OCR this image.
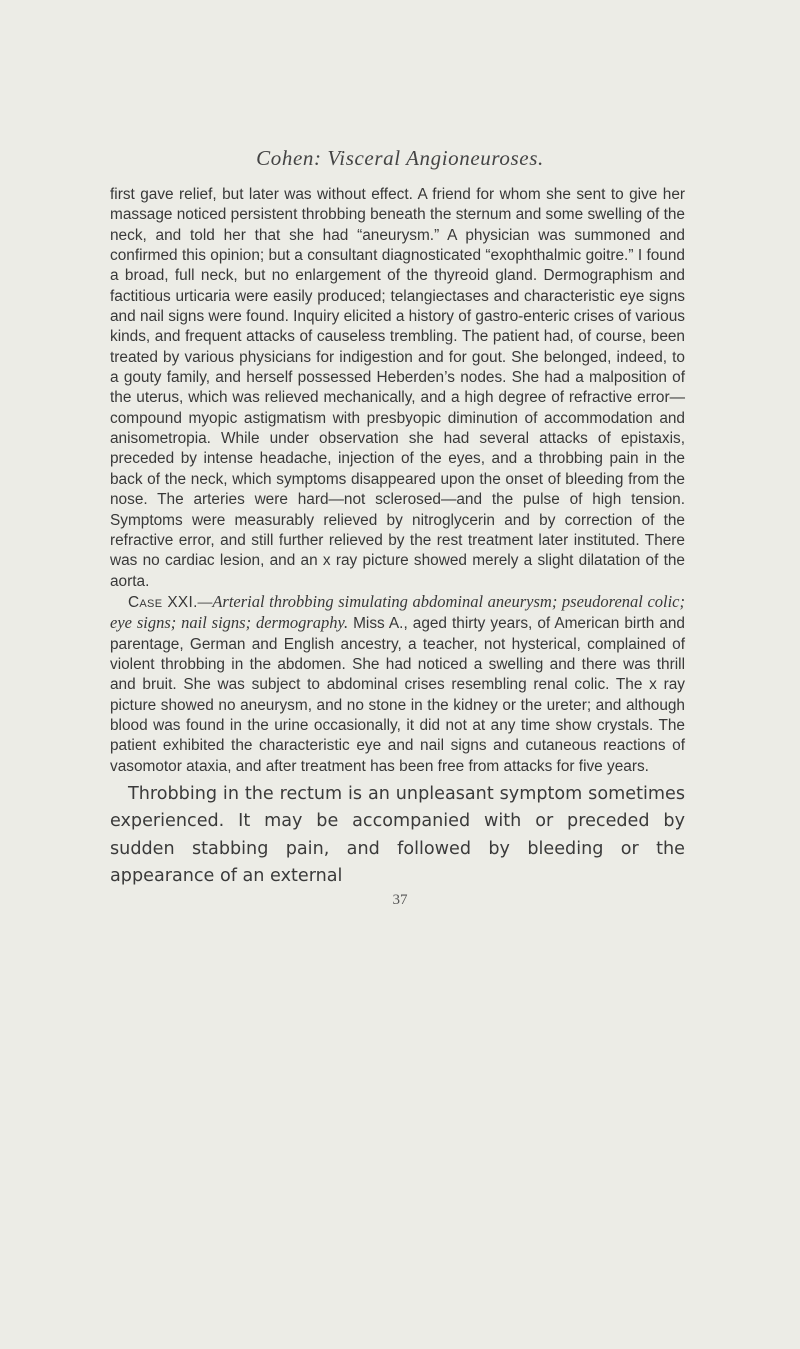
Cohen: Visceral Angioneuroses.

first gave relief, but later was without effect. A friend for whom she sent to give her massage noticed persistent throbbing beneath the sternum and some swelling of the neck, and told her that she had “aneurysm.” A physician was summoned and confirmed this opinion; but a consultant diagnosticated “exophthalmic goitre.” I found a broad, full neck, but no enlargement of the thyreoid gland. Dermographism and factitious urticaria were easily produced; telangiectases and characteristic eye signs and nail signs were found. Inquiry elicited a history of gastro-enteric crises of various kinds, and frequent attacks of causeless trembling. The patient had, of course, been treated by various physicians for indigestion and for gout. She belonged, indeed, to a gouty family, and herself possessed Heberden’s nodes. She had a malposition of the uterus, which was relieved mechanically, and a high degree of refractive error—compound myopic astigmatism with presbyopic diminution of accommodation and anisometropia. While under observation she had several attacks of epistaxis, preceded by intense headache, injection of the eyes, and a throbbing pain in the back of the neck, which symptoms disappeared upon the onset of bleeding from the nose. The arteries were hard—not sclerosed—and the pulse of high tension. Symptoms were measurably relieved by nitroglycerin and by correction of the refractive error, and still further relieved by the rest treatment later instituted. There was no cardiac lesion, and an x ray picture showed merely a slight dilatation of the aorta.

Case XXI.—Arterial throbbing simulating abdominal aneurysm; pseudorenal colic; eye signs; nail signs; dermography. Miss A., aged thirty years, of American birth and parentage, German and English ancestry, a teacher, not hysterical, complained of violent throbbing in the abdomen. She had noticed a swelling and there was thrill and bruit. She was subject to abdominal crises resembling renal colic. The x ray picture showed no aneurysm, and no stone in the kidney or the ureter; and although blood was found in the urine occasionally, it did not at any time show crystals. The patient exhibited the characteristic eye and nail signs and cutaneous reactions of vasomotor ataxia, and after treatment has been free from attacks for five years.

Throbbing in the rectum is an unpleasant symptom sometimes experienced. It may be accompanied with or preceded by sudden stabbing pain, and followed by bleeding or the appearance of an external

37
